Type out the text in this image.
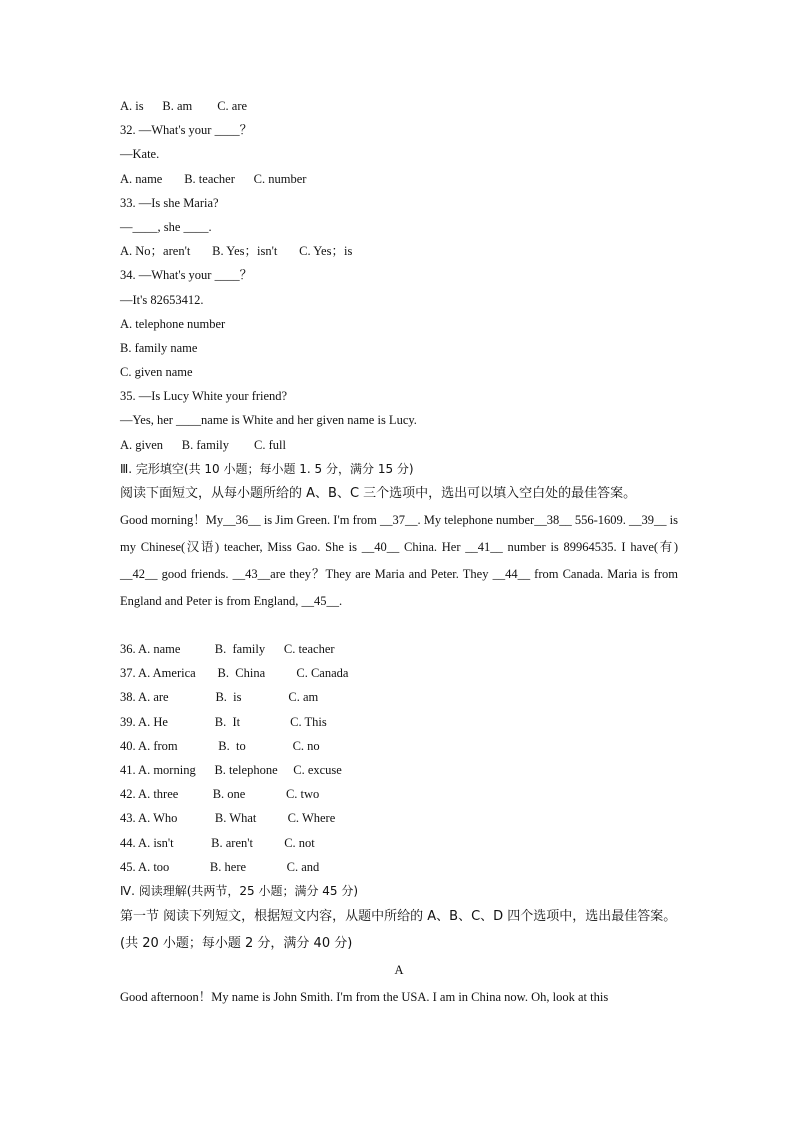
A. is      B. am        C. are
32. —What's your ____？
—Kate.
A. name       B. teacher      C. number
33. —Is she Maria?
—____, she ____.
A. No；aren't       B. Yes；isn't       C. Yes；is
34. —What's your ____？
—It's 82653412.
A. telephone number
B. family name
C. given name
35. —Is Lucy White your friend?
—Yes, her ____name is White and her given name is Lucy.
A. given      B. family        C. full
Ⅲ. 完形填空(共 10 小题；每小题 1. 5 分，满分 15 分)
阅读下面短文，从每小题所给的 A、B、C 三个选项中，选出可以填入空白处的最佳答案。
Good morning！My__36__ is Jim Green. I'm from __37__. My telephone number__38__ 556-1609. __39__ is my Chinese(汉语) teacher, Miss Gao. She is __40__ China. Her __41__ number is 89964535. I have(有) __42__ good friends. __43__are they？They are Maria and Peter. They __44__ from Canada. Maria is from England and Peter is from England, __45__.
36. A. name           B.  family      C. teacher
37. A. America       B.  China          C. Canada
38. A. are               B.  is               C. am
39. A. He               B.  It                C. This
40. A. from             B.  to               C. no
41. A. morning      B. telephone     C. excuse
42. A. three           B. one             C. two
43. A. Who            B. What          C. Where
44. A. isn't            B. aren't          C. not
45. A. too             B. here             C. and
Ⅳ. 阅读理解(共两节，25 小题；满分 45 分)
第一节 阅读下列短文，根据短文内容，从题中所给的 A、B、C、D 四个选项中，选出最佳答案。(共 20 小题；每小题 2 分，满分 40 分)
A
Good afternoon！My name is John Smith. I'm from the USA. I am in China now. Oh, look at this
